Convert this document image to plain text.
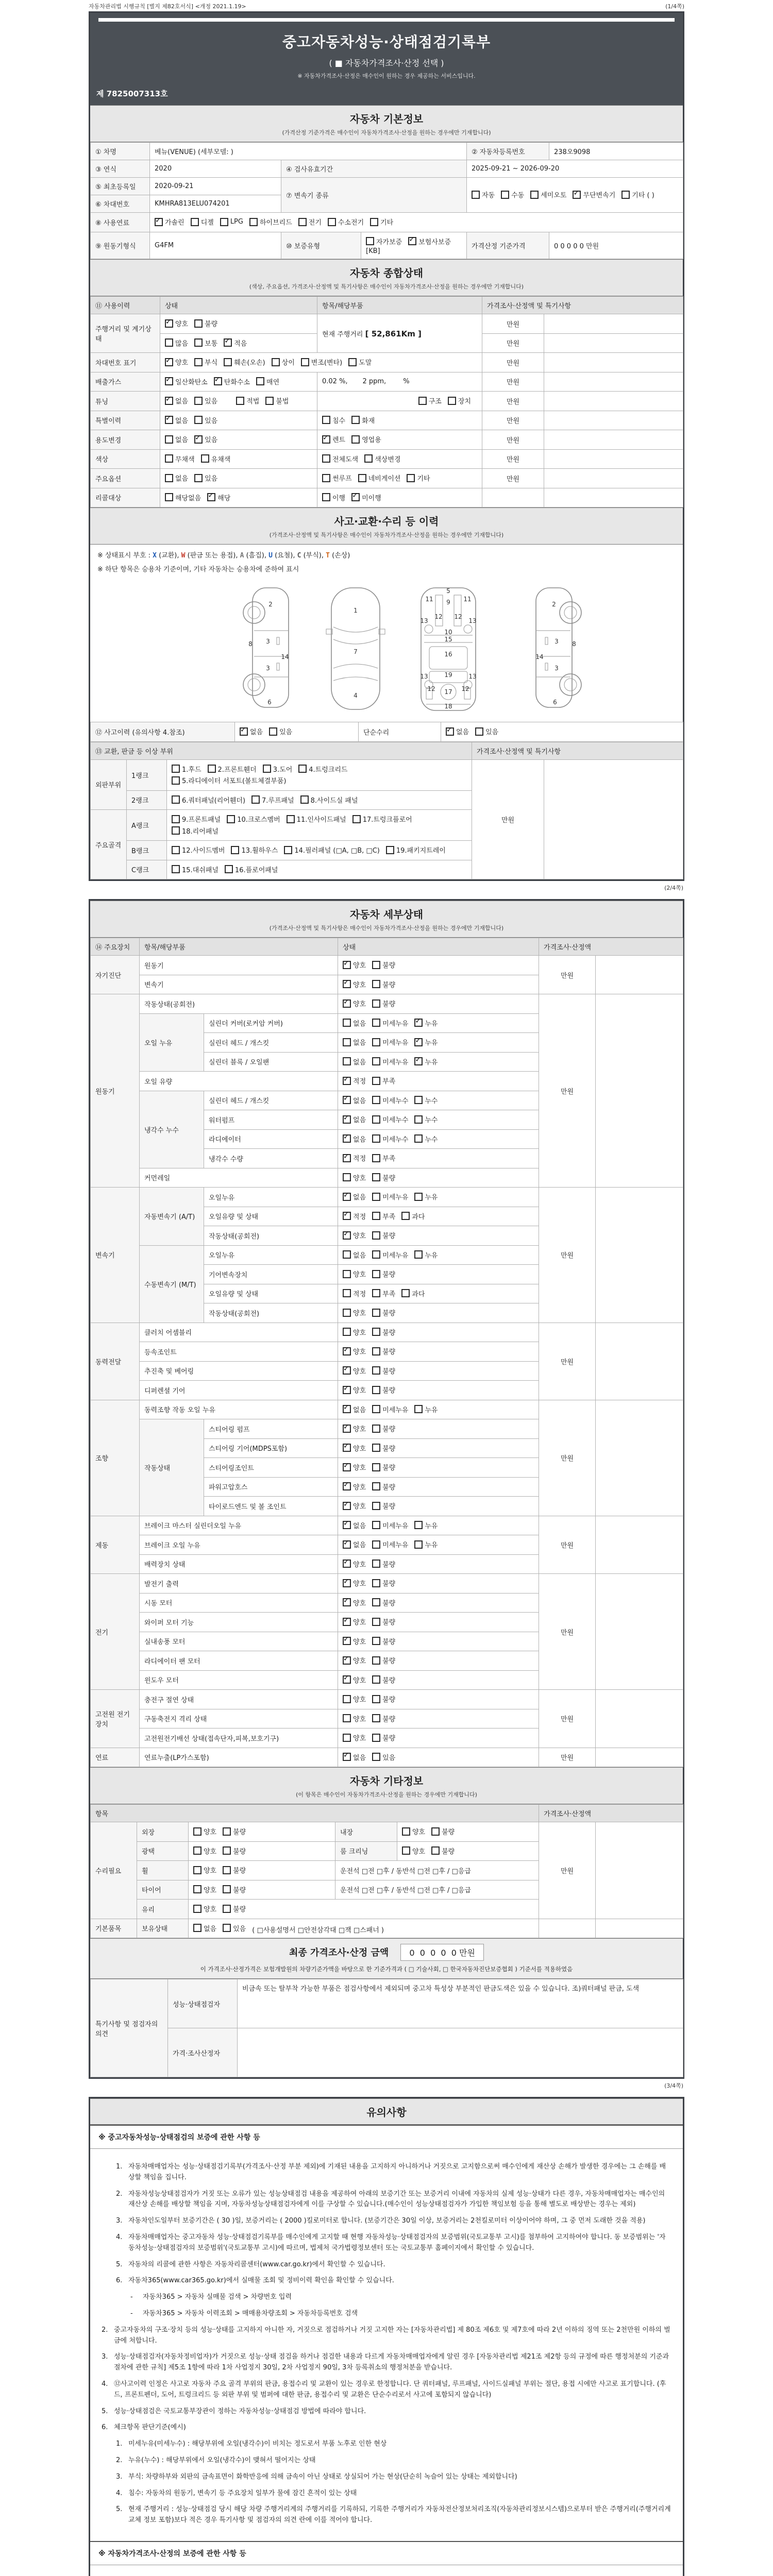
자동차관리법 시행규칙 [별지 제82호서식] <개정 2021.1.19>	(1/4쪽)
중고자동차성능·상태점검기록부
( ■ 자동차가격조사·산정 선택 )
※ 자동차가격조사·산정은 매수인이 원하는 경우 제공하는 서비스입니다.
제 7825007313호
자동차 기본정보
(가격산정 기준가격은 매수인이 자동차가격조사·산정을 원하는 경우에만 기재합니다)
① 차명	베뉴(VENUE) (세부모델: )			② 자동차등록번호	238오9098
③ 연식	2020	④ 검사유효기간		2025-09-21 ~ 2026-09-20	
⑤ 최초등록일	2020-09-21	⑦ 변속기 종류		자동 수동 세미오토 ✓ 무단변속기 기타 ( )

⑥ 차대번호	KMHRA813ELU074201				
⑧ 사용연료	
✓가솔린 디젤 LPG 하이브리드 전기 수소전기 기타

⑨ 원동기형식	G4FM	⑩ 보증유형	자가보증 ✓ 보험사보증
[KB]	가격산정 기준가격	0 0 0 0 0 만원
자동차 종합상태
(색상, 주요옵션, 가격조사·산정액 및 특기사항은 매수인이 자동차가격조사·산정을 원하는 경우에만 기재합니다)
⑪ 사용이력	상태	항목/해당부품	가격조사·산정액 및 특기사항	
주행거리 및 계기상태	
✓
양호 불량	현재 주행거리 [ 52,861Km ]	만원	

	많음 보통 ✓ 적음		만원	
차대번호 표기	
✓양호 부식 훼손(오손) 상이 변조(변타) 도말	만원	
배출가스	
✓일산화탄소 ✓ 탄화수소 매연	0.02 %,       2 ppm,        %	만원	
튜닝	
✓없음 있음 적법 불법	구조 장치	만원	
특별이력	
✓없음 있음	침수 화재	만원	
용도변경	없음 ✓ 있음

✓렌트 영업용	만원	
색상	무채색 유채색	전체도색 색상변경	만원	
주요옵션	없음 있음	썬루프 네비게이션 기타	만원	
리콜대상	해당없음 ✓ 해당	이행 ✓ 미이행

사고·교환·수리 등 이력
(가격조사·산정액 및 특기사항은 매수인이 자동차가격조사·산정을 원하는 경우에만 기재합니다)
※ 상태표시 부호 : X (교환), W (판금 또는 용접), A (흠집), U (요철), C (부식), T (손상)
※ 하단 항목은 승용차 기준이며, 기타 자동차는 승용차에 준하여 표시
2
8 3
14
3
6
1
7
4
5
11	11
9
12 12
13	13
10
15
16
19
13	13
12	12
17
18
2
8
3
14
3
6
⑫ 사고이력 (유의사항 4.참조)	
✓없음 있음	단순수리	
✓없음 있음
⑬ 교환, 판금 등 이상 부위			가격조사·산정액 및 특기사항	
외판부위	1랭크	1.후드 2.프론트휀더 3.도어 4.트렁크리드
5.라디에이터 서포트(볼트체결부품)	만원	
	2랭크	6.쿼터패널(리어휀더) 7.루프패널 8.사이드실 패널		

주요골격	A랭크	9.프론트패널 10.크로스멤버 11.인사이드패널 17.트렁크플로어
18.리어패널		

	B랭크	12.사이드멤버 13.휠하우스 14.필러패널 (□A, □B, □C) 19.패키지트레이		

	C랭크	15.대쉬패널 16.플로어패널		
(2/4쪽)
자동차 세부상태
(가격조사·산정액 및 특기사항은 매수인이 자동차가격조사·산정을 원하는 경우에만 기재합니다)
⑭ 주요장치	항목/해당부품		상태	가격조사·산정액	
자기진단	원동기	
✓양호 불량	만원	
	변속기	
✓양호 불량

원동기	작동상태(공회전)	
✓양호 불량	만원	
	오일 누유	실린더 커버(로커암 커버)	없음 미세누유 ✓ 누유

		실린더 헤드 / 개스킷	없음 미세누유 ✓ 누유

		실린더 블록 / 오일팬	없음 미세누유 ✓ 누유

	오일 유량	
✓적정 부족

	냉각수 누수	실린더 헤드 / 개스킷	
✓없음 미세누수 누수

		워터펌프	
✓없음 미세누수 누수

		라디에이터	
✓없음 미세누수 누수

		냉각수 수량	
✓적정 부족

	커먼레일		양호 불량		

변속기	자동변속기 (A/T)	오일누유	
✓없음 미세누유 누유	만원	
		오일유량 및 상태	
✓적정 부족 과다

		작동상태(공회전)	
✓양호 불량

	수동변속기 (M/T)	오일누유	없음 미세누유 누유		

		기어변속장치	양호 불량		

		오일유량 및 상태	적정 부족 과다		

		작동상태(공회전)	양호 불량		

동력전달	클러치 어셈블리		양호 불량	만원	
	등속조인트	
✓양호 불량

	추진축 및 베어링	
✓양호 불량

	디퍼렌셜 기어	
✓양호 불량

조향	동력조향 작동 오일 누유	
✓없음 미세누유 누유	만원	
	작동상태	스티어링 펌프	
✓양호 불량

		스티어링 기어(MDPS포함)	
✓양호 불량

		스티어링조인트	
✓양호 불량

		파워고압호스	
✓양호 불량

		타이로드엔드 및 볼 조인트	
✓양호 불량

제동	브레이크 마스터 실린더오일 누유	
✓없음 미세누유 누유	만원	
	브레이크 오일 누유	
✓없음 미세누유 누유

	배력장치 상태	
✓양호 불량

전기	발전기 출력	
✓양호 불량	만원	
	시동 모터	
✓양호 불량

	와이퍼 모터 기능	
✓양호 불량

	실내송풍 모터	
✓양호 불량

	라디에이터 팬 모터	
✓양호 불량

	윈도우 모터	
✓양호 불량

고전원 전기장치	충전구 절연 상태		양호 불량	만원	
	구동축전지 격리 상태		양호 불량		

	고전원전기배선 상태(접속단자,피복,보호기구)		양호 불량		

연료	연료누출(LP가스포함)	
✓없음 있음	만원	
자동차 기타정보
(이 항목은 매수인이 자동차가격조사·산정을 원하는 경우에만 기재합니다)
항목					가격조사·산정액	
수리필요	외장	양호 불량	내장	양호 불량	만원	
	광택	양호 불량	룸 크리닝	양호 불량		

	휠	양호 불량	운전석 □전 □후 / 동반석 □전 □후 / □응급			
	타이어	양호 불량	운전석 □전 □후 / 동반석 □전 □후 / □응급			
	유리	양호 불량				

기본품목	보유상태	없음 있음 ( □사용설명서 □안전삼각대 □잭 □스패너 )				
최종 가격조사·산정 금액	0  0  0  0  0 만원
이 가격조사·산정가격은 보험개발원의 차량기준가액을 바탕으로 한 기준가격과 ( □ 기술사회, □ 한국자동차진단보증협회 ) 기준서를 적용하였음
특기사항 및 점검자의 의견	성능·상태점검자	비금속 또는 탈부착 가능한 부품은 점검사항에서 제외되며 중고차 특성상 부분적인 판금도색은 있을 수 있습니다. 조)쿼터패널 판금, 도색
	가격·조사산정자	
(3/4쪽)
유의사항
※ 중고자동차성능·상태점검의 보증에 관한 사항 등
1. 자동차매매업자는 성능·상태점검기록부(가격조사·산정 부분 제외)에 기재된 내용을 고지하지 아니하거나 거짓으로 고지함으로써 매수인에게 재산상 손해가 발생한 경우에는 그 손해를 배상할 책임을 집니다.
2. 자동차성능상태점검자가 거짓 또는 오류가 있는 성능상태점검 내용을 제공하여 아래의 보증기간 또는 보증거리 이내에 자동차의 실제 성능·상태가 다른 경우, 자동차매매업자는 매수인의 재산상 손해를 배상할 책임을 지며, 자동차성능상태점검자에게 이를 구상할 수 있습니다.(매수인이 성능상태점검자가 가입한 책임보험 등을 통해 별도로 배상받는 경우는 제외)
3. 자동차인도일부터 보증기간은 ( 30 )일, 보증거리는 ( 2000 )킬로미터로 합니다. (보증기간은 30일 이상, 보증거리는 2천킬로미터 이상이어야 하며, 그 중 먼저 도래한 것을 적용)
4. 자동차매매업자는 중고자동차 성능·상태점검기록부를 매수인에게 고지할 때 현행 자동차성능·상태점검자의 보증범위(국토교통부 고시)를 첨부하여 고지하여야 합니다. 동 보증범위는 '자동차성능·상태점검자의 보증범위'(국토교통부 고시)에 따르며, 법제처 국가법령정보센터 또는 국토교통부 홈페이지에서 확인할 수 있습니다.
5. 자동차의 리콜에 관한 사항은 자동차리콜센터(www.car.go.kr)에서 확인할 수 있습니다.
6. 자동차365(www.car365.go.kr)에서 실매물 조회 및 정비이력 확인을 확인할 수 있습니다.
-	자동차365 > 자동차 실매물 검색 > 차량번호 입력
-	자동차365 > 자동차 이력조회 > 매매용차량조회 > 자동차등록번호 검색
2. 중고자동차의 구조·장치 등의 성능·상태를 고지하지 아니한 자, 거짓으로 점검하거나 거짓 고지한 자는 [자동차관리법] 제 80조 제6호 및 제7호에 따라 2년 이하의 징역 또는 2천만원 이하의 벌금에 처합니다.
3. 성능·상태점검자(자동차정비업자)가 거짓으로 성능·상태 점검을 하거나 점검한 내용과 다르게 자동차매매업자에게 알린 경우 [자동차관리법 제21조 제2항 등의 규정에 따른 행정처분의 기준과 절차에 관한 규칙] 제5조 1항에 따라 1차 사업정지 30일, 2차 사업정지 90일, 3차 등록취소의 행정처분을 받습니다.
4. ⑫사고이력 인정은 사고로 자동차 주요 골격 부위의 판금, 용접수리 및 교환이 있는 경우로 한정합니다. 단 쿼터패널, 루프패널, 사이드실패널 부위는 절단, 용접 시에만 사고로 표기합니다. (후드, 프론트펜더, 도어, 트렁크리드 등 외판 부위 및 범퍼에 대한 판금, 용접수리 및 교환은 단순수리로서 사고에 포함되지 않습니다)
5. 성능·상태점검은 국토교통부장관이 정하는 자동차성능·상태점검 방법에 따라야 합니다.
6. 체크항목 판단기준(예시)
1. 미세누유(미세누수) : 해당부위에 오일(냉각수)이 비치는 정도로서 부품 노후로 인한 현상
2. 누유(누수) : 해당부위에서 오일(냉각수)이 맺혀서 떨어지는 상태
3. 부식: 차량하부와 외판의 금속표면이 화학반응에 의해 금속이 아닌 상태로 상실되어 가는 현상(단순히 녹슬어 있는 상태는 제외합니다)
4. 침수: 자동차의 원동기, 변속기 등 주요장치 일부가 물에 잠긴 흔적이 있는 상태
5. 현재 주행거리 : 성능·상태점검 당시 해당 차량 주행거리계의 주행거리를 기록하되, 기록한 주행거리가 자동차전산정보처리조직(자동차관리정보시스템)으로부터 받은 주행거리(주행거리계 교체 정보 포함)보다 적은 경우 특기사항 및 점검자의 의견 란에 이를 적어야 합니다.
※ 자동차가격조사·산정의 보증에 관한 사항 등
